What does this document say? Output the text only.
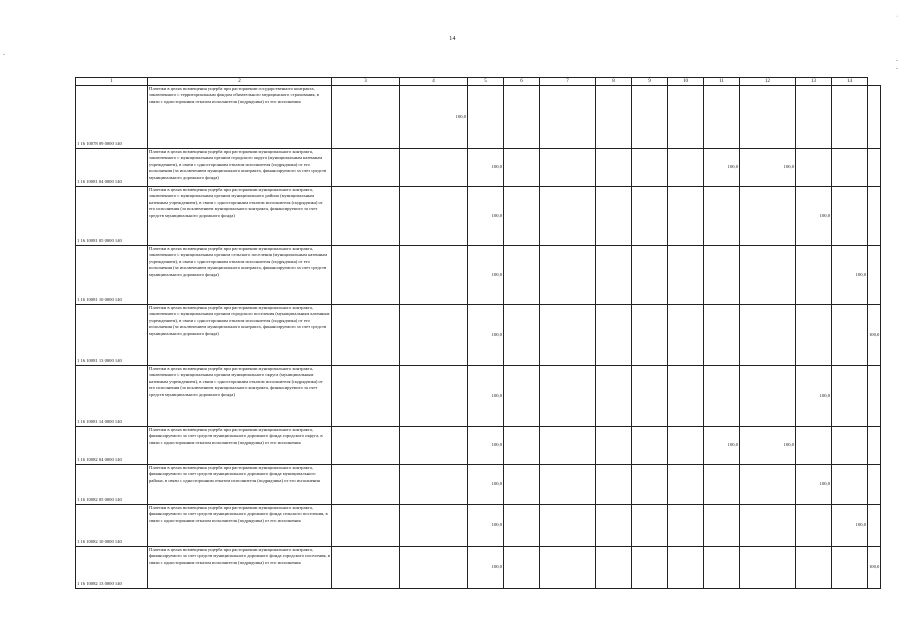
14
-
·
-
-
1	2	3	4	5	6	7	8	9	10	11	12	13	14	
1 16 10078 09 0000 140	Платежи в целях возмещения ущерба при расторжении государственного контракта, заключенного с территориальным фондом обязательного медицинского страхования, в связи с односторонним отказом исполнителя (подрядчика) от его исполнения		100,0											
1 16 10081 04 0000 140	Платежи в целях возмещения ущерба при расторжении муниципального контракта, заключенного с муниципальным органом городского округа (муниципальным казенным учреждением), в связи с односторонним отказом исполнителя (подрядчика) от его исполнения (за исключением муниципального контракта, финансируемого за счет средств муниципального дорожного фонда)			100,0						100,0	100,0			
1 16 10081 05 0000 140	Платежи в целях возмещения ущерба при расторжении муниципального контракта, заключенного с муниципальным органом муниципального района (муниципальным казенным учреждением), в связи с односторонним отказом исполнителя (подрядчика) от его исполнения (за исключением муниципального контракта, финансируемого за счет средств муниципального дорожного фонда)			100,0								100,0		
1 16 10081 10 0000 140	Платежи в целях возмещения ущерба при расторжении муниципального контракта, заключенного с муниципальным органом сельского поселения (муниципальным казенным учреждением), в связи с односторонним отказом исполнителя (подрядчика) от его исполнения (за исключением муниципального контракта, финансируемого за счет средств муниципального дорожного фонда)			100,0									100,0	
1 16 10081 13 0000 140	Платежи в целях возмещения ущерба при расторжении муниципального контракта, заключенного с муниципальным органом городского поселения (муниципальным казенным учреждением), в связи с односторонним отказом исполнителя (подрядчика) от его исполнения (за исключением муниципального контракта, финансируемого за счет средств муниципального дорожного фонда)			100,0										100,0
1 16 10081 14 0000 140	Платежи в целях возмещения ущерба при расторжении муниципального контракта, заключенного с муниципальным органом муниципального округа (муниципальным казенным учреждением), в связи с односторонним отказом исполнителя (подрядчика) от его исполнения (за исключением муниципального контракта, финансируемого за счет средств муниципального дорожного фонда)			100,0								100,0		
1 16 10082 04 0000 140	Платежи в целях возмещения ущерба при расторжении муниципального контракта, финансируемого за счет средств муниципального дорожного фонда городского округа, в связи с односторонним отказом исполнителя (подрядчика) от его исполнения			100,0						100,0	100,0			
1 16 10082 05 0000 140	Платежи в целях возмещения ущерба при расторжении муниципального контракта, финансируемого за счет средств муниципального дорожного фонда муниципального района, в связи с односторонним отказом исполнителя (подрядчика) от его исполнения			100,0								100,0		
1 16 10082 10 0000 140	Платежи в целях возмещения ущерба при расторжении муниципального контракта, финансируемого за счет средств муниципального дорожного фонда сельского поселения, в связи с односторонним отказом исполнителя (подрядчика) от его исполнения			100,0									100,0	
1 16 10082 13 0000 140	Платежи в целях возмещения ущерба при расторжении муниципального контракта, финансируемого за счет средств муниципального дорожного фонда городского поселения, в связи с односторонним отказом исполнителя (подрядчика) от его исполнения			100,0										100,0
